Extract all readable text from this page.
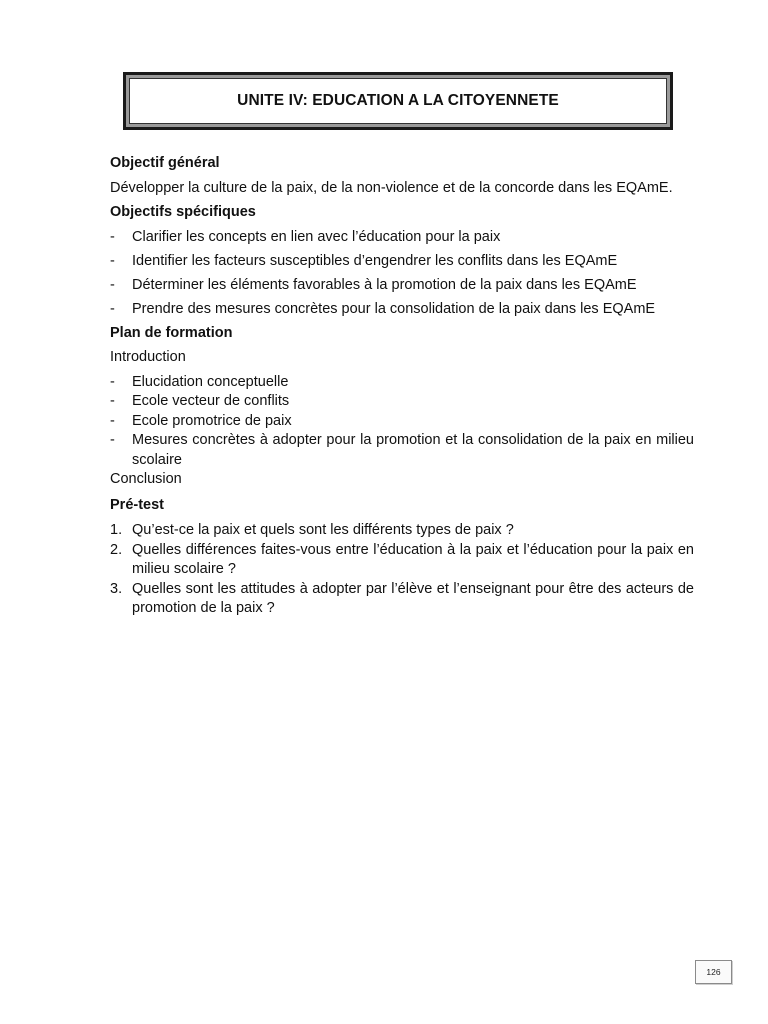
UNITE IV: EDUCATION A LA CITOYENNETE

Objectif général

Développer la culture de la paix, de la non-violence et de la concorde dans les EQAmE.

Objectifs spécifiques

- Clarifier les concepts en lien avec l’éducation pour la paix
- Identifier les facteurs susceptibles d’engendrer les conflits dans les EQAmE
- Déterminer les éléments favorables à la promotion de la paix dans les EQAmE
- Prendre des mesures concrètes pour la consolidation de la paix dans les EQAmE

Plan de formation

Introduction

- Elucidation conceptuelle
- Ecole vecteur de conflits
- Ecole promotrice de paix
- Mesures concrètes à adopter pour la promotion et la consolidation de la paix en milieu scolaire

Conclusion

Pré-test

1. Qu’est-ce la paix et quels sont les différents types de paix ?
2. Quelles différences faites-vous entre l’éducation à la paix et l’éducation pour la paix en milieu scolaire ?
3. Quelles sont les attitudes à adopter par l’élève et l’enseignant pour être des acteurs de promotion de la paix ?
126
